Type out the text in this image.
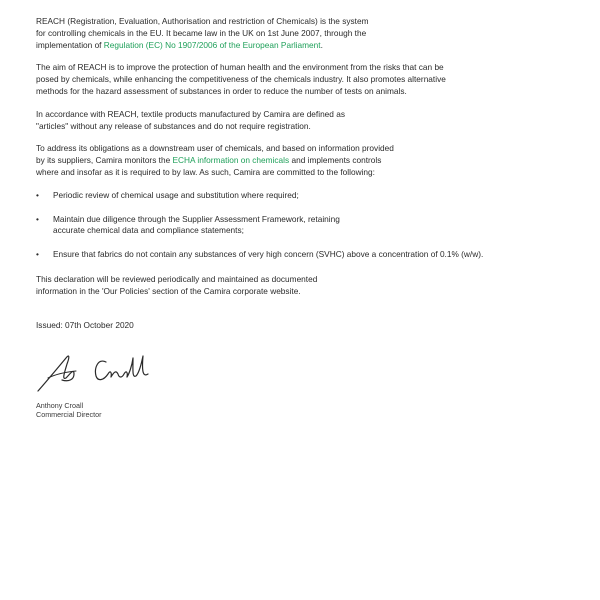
REACH (Registration, Evaluation, Authorisation and restriction of Chemicals) is the system
for controlling chemicals in the EU. It became law in the UK on 1st June 2007, through the
implementation of Regulation (EC) No 1907/2006 of the European Parliament.

The aim of REACH is to improve the protection of human health and the environment from the risks that can be
posed by chemicals, while enhancing the competitiveness of the chemicals industry. It also promotes alternative
methods for the hazard assessment of substances in order to reduce the number of tests on animals.

In accordance with REACH, textile products manufactured by Camira are defined as
"articles" without any release of substances and do not require registration.

To address its obligations as a downstream user of chemicals, and based on information provided
by its suppliers, Camira monitors the ECHA information on chemicals and implements controls
where and insofar as it is required to by law. As such, Camira are committed to the following:

• Periodic review of chemical usage and substitution where required;
• Maintain due diligence through the Supplier Assessment Framework, retaining
accurate chemical data and compliance statements;
• Ensure that fabrics do not contain any substances of very high concern (SVHC) above a concentration of 0.1% (w/w).

This declaration will be reviewed periodically and maintained as documented
information in the 'Our Policies' section of the Camira corporate website.

Issued: 07th October 2020

Anthony Croall
Commercial Director
